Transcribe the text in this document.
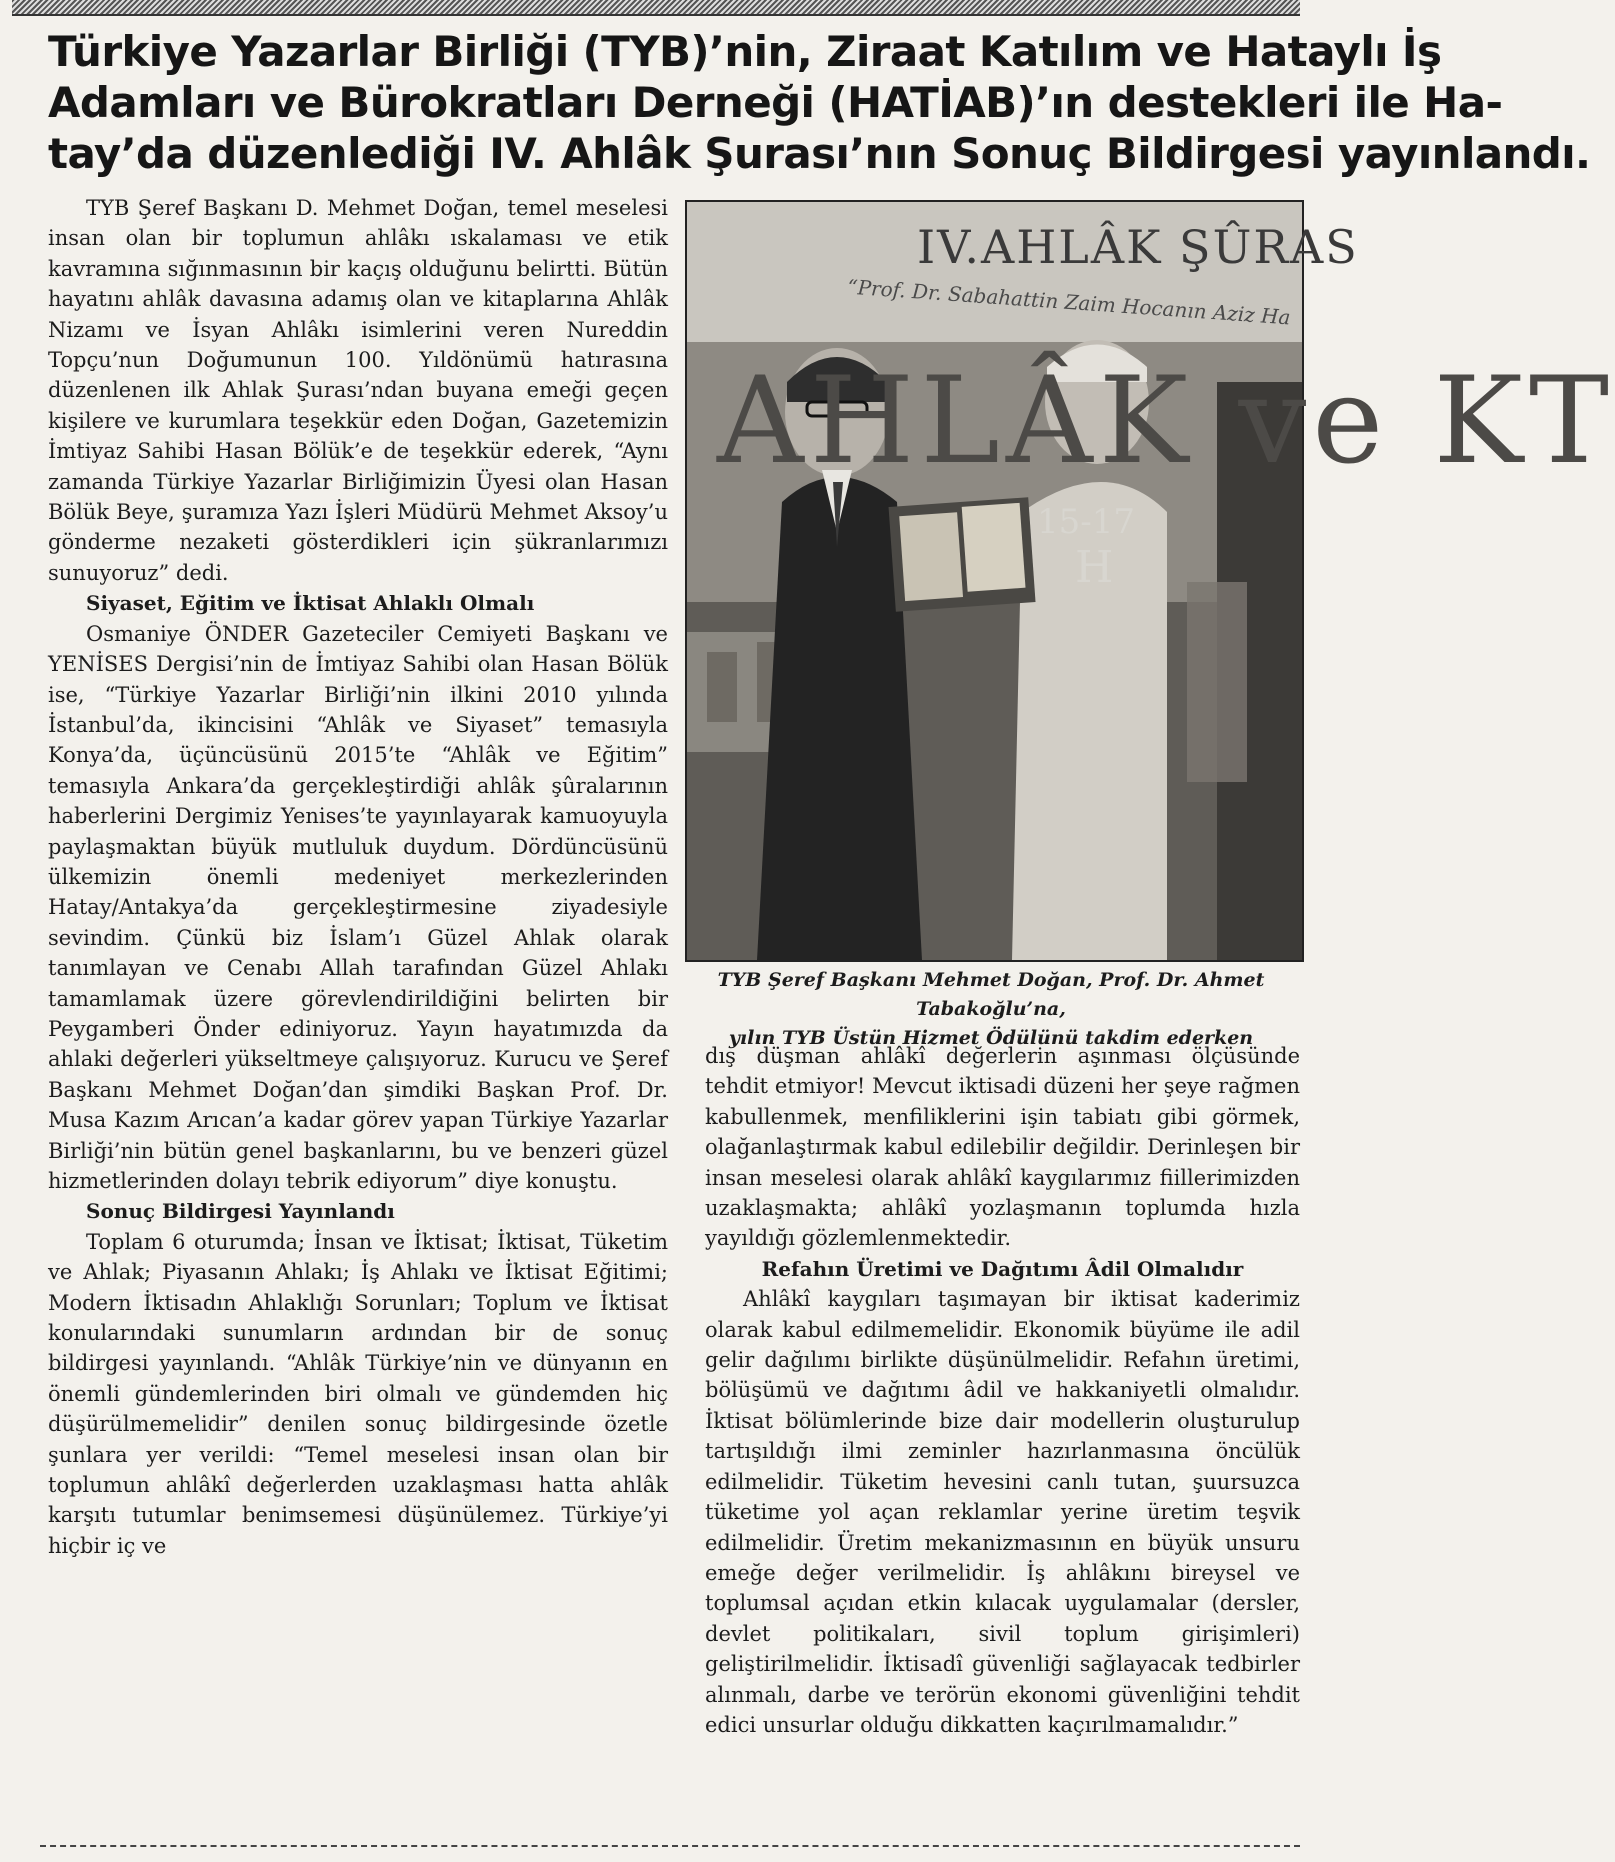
Türkiye Yazarlar Birliği (TYB)’nin, Ziraat Katılım ve Hataylı İş
Adamları ve Bürokratları Derneği (HATİAB)’ın destekleri ile Ha-
tay’da düzenlediği IV. Ahlâk Şurası’nın Sonuç Bildirgesi yayınlandı.

TYB Şeref Başkanı D. Mehmet Doğan, temel meselesi insan olan bir toplumun ahlâkı ıskalaması ve etik kavramına sığınmasının bir kaçış olduğunu belirtti. Bütün hayatını ahlâk davasına adamış olan ve kitaplarına Ahlâk Nizamı ve İsyan Ahlâkı isimlerini veren Nureddin Topçu’nun Doğumunun 100. Yıldönümü hatırasına düzenlenen ilk Ahlak Şurası’ndan buyana emeği geçen kişilere ve kurumlara teşekkür eden Doğan, Gazetemizin İmtiyaz Sahibi Hasan Bölük’e de teşekkür ederek, “Aynı zamanda Türkiye Yazarlar Birliğimizin Üyesi olan Hasan Bölük Beye, şuramıza Yazı İşleri Müdürü Mehmet Aksoy’u gönderme nezaketi gösterdikleri için şükranlarımızı sunuyoruz” dedi.

Siyaset, Eğitim ve İktisat Ahlaklı Olmalı

Osmaniye ÖNDER Gazeteciler Cemiyeti Başkanı ve YENİSES Dergisi’nin de İmtiyaz Sahibi olan Hasan Bölük ise, “Türkiye Yazarlar Birliği’nin ilkini 2010 yılında İstanbul’da, ikincisini “Ahlâk ve Siyaset” temasıyla Konya’da, üçüncüsünü 2015’te “Ahlâk ve Eğitim” temasıyla Ankara’da gerçekleştirdiği ahlâk şûralarının haberlerini Dergimiz Yenises’te yayınlayarak kamuoyuyla paylaşmaktan büyük mutluluk duydum. Dördüncüsünü ülkemizin önemli medeniyet merkezlerinden Hatay/Antakya’da gerçekleştirmesine ziyadesiyle sevindim. Çünkü biz İslam’ı Güzel Ahlak olarak tanımlayan ve Cenabı Allah tarafından Güzel Ahlakı tamamlamak üzere görevlendirildiğini belirten bir Peygamberi Önder ediniyoruz. Yayın hayatımızda da ahlaki değerleri yükseltmeye çalışıyoruz. Kurucu ve Şeref Başkanı Mehmet Doğan’dan şimdiki Başkan Prof. Dr. Musa Kazım Arıcan’a kadar görev yapan Türkiye Yazarlar Birliği’nin bütün genel başkanlarını, bu ve benzeri güzel hizmetlerinden dolayı tebrik ediyorum” diye konuştu.

Sonuç Bildirgesi Yayınlandı

Toplam 6 oturumda; İnsan ve İktisat; İktisat, Tüketim ve Ahlak; Piyasanın Ahlakı; İş Ahlakı ve İktisat Eğitimi; Modern İktisadın Ahlaklığı Sorunları; Toplum ve İktisat konularındaki sunumların ardından bir de sonuç bildirgesi yayınlandı. “Ahlâk Türkiye’nin ve dünyanın en önemli gündemlerinden biri olmalı ve gündemden hiç düşürülmemelidir” denilen sonuç bildirgesinde özetle şunlara yer verildi: “Temel meselesi insan olan bir toplumun ahlâkî değerlerden uzaklaşması hatta ahlâk karşıtı tutumlar benimsemesi düşünülemez. Türkiye’yi hiçbir iç ve

IV.AHLÂK ŞÛRAS
“Prof. Dr. Sabahattin Zaim Hocanın Aziz Ha
AHLÂK ve KT
15-17
H
TYB Şeref Başkanı Mehmet Doğan, Prof. Dr. Ahmet Tabakoğlu’na,
yılın TYB Üstün Hizmet Ödülünü takdim ederken

dış düşman ahlâkî değerlerin aşınması ölçüsünde tehdit etmiyor! Mevcut iktisadi düzeni her şeye rağmen kabullenmek, menfiliklerini işin tabiatı gibi görmek, olağanlaştırmak kabul edilebilir değildir. Derinleşen bir insan meselesi olarak ahlâkî kaygılarımız fiillerimizden uzaklaşmakta; ahlâkî yozlaşmanın toplumda hızla yayıldığı gözlemlenmektedir.

Refahın Üretimi ve Dağıtımı Âdil Olmalıdır

Ahlâkî kaygıları taşımayan bir iktisat kaderimiz olarak kabul edilmemelidir. Ekonomik büyüme ile adil gelir dağılımı birlikte düşünülmelidir. Refahın üretimi, bölüşümü ve dağıtımı âdil ve hakkaniyetli olmalıdır. İktisat bölümlerinde bize dair modellerin oluşturulup tartışıldığı ilmi zeminler hazırlanmasına öncülük edilmelidir. Tüketim hevesini canlı tutan, şuursuzca tüketime yol açan reklamlar yerine üretim teşvik edilmelidir. Üretim mekanizmasının en büyük unsuru emeğe değer verilmelidir. İş ahlâkını bireysel ve toplumsal açıdan etkin kılacak uygulamalar (dersler, devlet politikaları, sivil toplum girişimleri) geliştirilmelidir. İktisadî güvenliği sağlayacak tedbirler alınmalı, darbe ve terörün ekonomi güvenliğini tehdit edici unsurlar olduğu dikkatten kaçırılmamalıdır.”
